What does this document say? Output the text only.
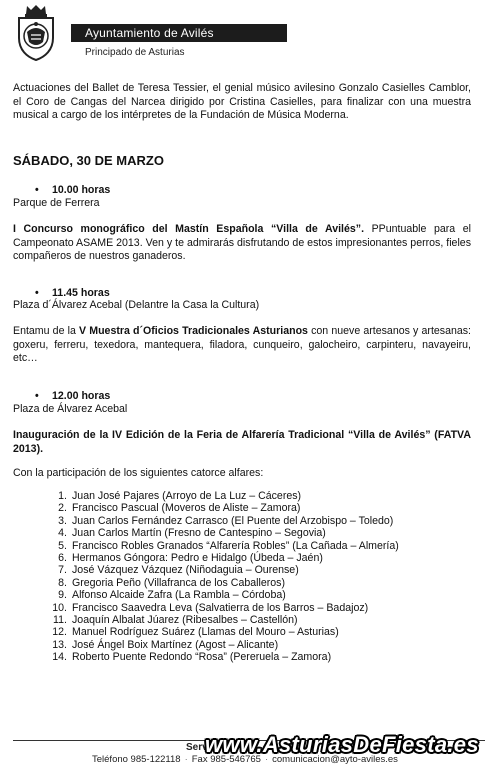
Ayuntamiento de Avilés
Principado de Asturias

Actuaciones del Ballet de Teresa Tessier, el genial músico avilesino Gonzalo Casielles Camblor, el Coro de Cangas del Narcea dirigido por Cristina Casielles, para finalizar con una muestra musical a cargo de los intérpretes de la Fundación de Música Moderna.

SÁBADO, 30 DE MARZO
• 10.00 horas
Parque de Ferrera

I Concurso monográfico del Mastín Española “Villa de Avilés”. PPuntuable para el Campeonato ASAME 2013. Ven y te admirarás disfrutando de estos impresionantes perros, fieles compañeros de nuestros ganaderos.

• 11.45 horas
Plaza d´Álvarez Acebal (Delantre la Casa la Cultura)

Entamu de la V Muestra d´Oficios Tradicionales Asturianos con nueve artesanos y artesanas: goxeru, ferreru, texedora, mantequera, filadora, cunqueiro, galocheiro, carpinteru, navayeiru, etc…

• 12.00 horas
Plaza de Álvarez Acebal

Inauguración de la IV Edición de la Feria de Alfarería Tradicional “Villa de Avilés” (FATVA 2013).

Con la participación de los siguientes catorce alfares:

1. Juan José Pajares (Arroyo de La Luz – Cáceres)
2. Francisco Pascual (Moveros de Aliste – Zamora)
3. Juan Carlos Fernández Carrasco (El Puente del Arzobispo – Toledo)
4. Juan Carlos Martín (Fresno de Cantespino – Segovia)
5. Francisco Robles Granados “Alfarería Robles” (La Cañada – Almería)
6. Hermanos Góngora: Pedro e Hidalgo (Úbeda – Jaén)
7. José Vázquez Vázquez (Niñodaguia – Ourense)
8. Gregoria Peño (Villafranca de los Caballeros)
9. Alfonso Alcaide Zafra (La Rambla – Córdoba)
10. Francisco Saavedra Leva (Salvatierra de los Barros – Badajoz)
11. Joaquín Albalat Júarez (Ribesalbes – Castellón)
12. Manuel Rodríguez Suárez (Llamas del Mouro – Asturias)
13. José Ángel Boix Martínez (Agost – Alicante)
14. Roberto Puente Redondo “Rosa” (Pereruela – Zamora)
Servi
Teléfono 985-122118 · Fax 985-546765 · comunicacion@ayto-aviles.es
www.AsturiasDeFiesta.es
